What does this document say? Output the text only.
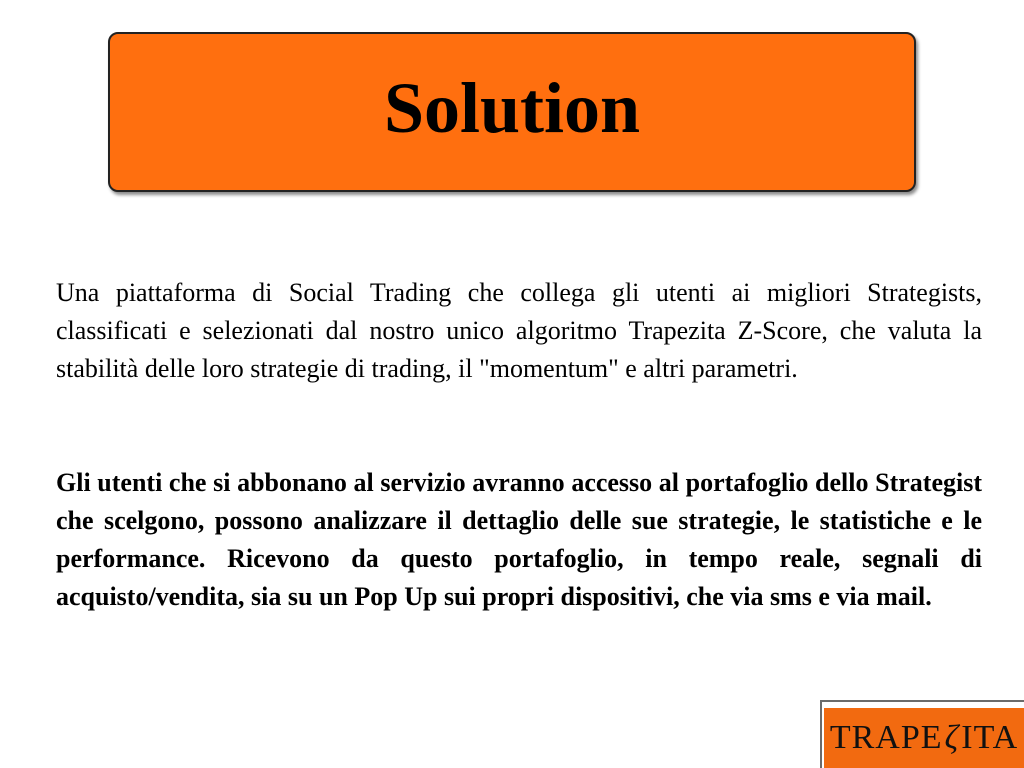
Solution

Una piattaforma di Social Trading che collega gli utenti ai migliori Strategists, classificati e selezionati dal nostro unico algoritmo Trapezita Z-Score, che valuta la stabilità delle loro strategie di trading, il "momentum" e altri parametri.

Gli utenti che si abbonano al servizio avranno accesso al portafoglio dello Strategist che scelgono, possono analizzare il dettaglio delle sue strategie, le statistiche e le performance. Ricevono da questo portafoglio, in tempo reale, segnali di acquisto/vendita, sia su un Pop Up sui propri dispositivi, che via sms e via mail.

TRAPE ζ ITA
